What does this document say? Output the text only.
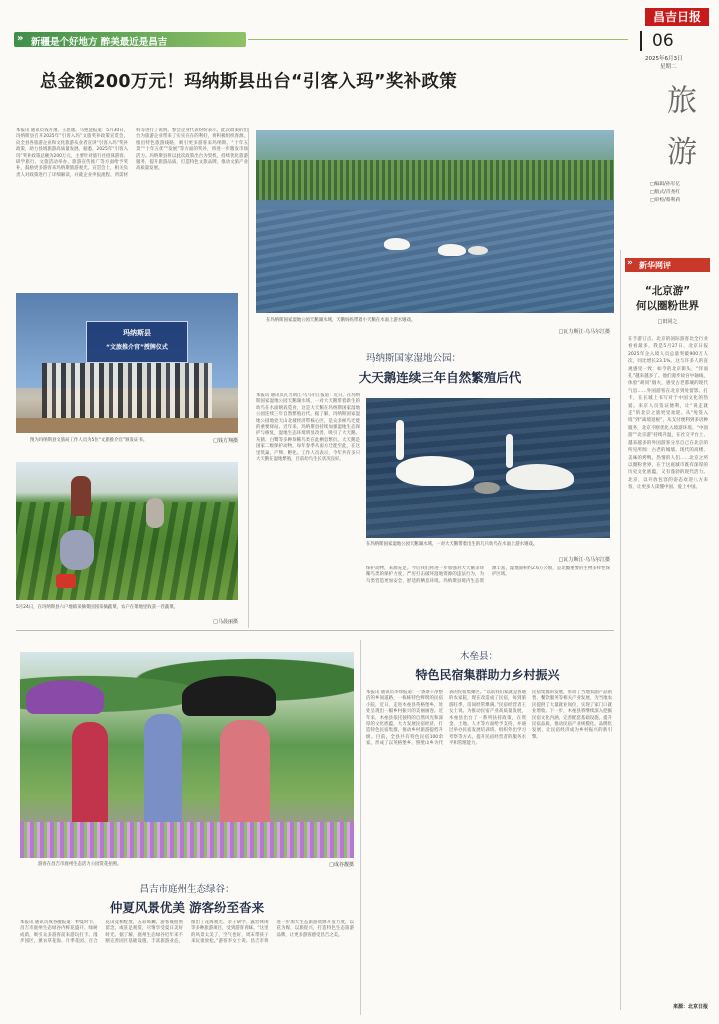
» 新疆是个好地方 醉美最近是昌吉
昌吉日报
06
2025年6月3日
星期二
旅 游
□编辑/孙军亿
□版式/肖尧红
□审校/蔡利莉
» 新华网评
“北京游”
何以圈粉世界
□田同之
在手游订点、北京的国际游客比全行业看看最多，我是5月27日，北京日报2025年企入境人员总量突破900万人次，同比增长23.1%。这与许多人的直观感受一致：如今的北京街头，“洋面孔”越来越多了。他们漫步故宫中轴线，体验“胡同”烟火，感受古老都城的现代气息……外国游客在北京到处留影、打卡，在长城上书写对于中国文化的热爱。来京人员签证便利，让“说走就走”的北京之旅更受欢迎。从“免签入境”到“离境退税”，从支付便利到多语种服务，北京不断优化入境游环境。“中国游”“北京游”持续升温，在社交平台上，越来越多的外国游客分享自己在北京的所见所闻：古老的城墙、现代的高楼、美味的烤鸭、热情的人们……北京之所以圈粉世界，在于这座城市既有深厚的历史文化底蕴，又有蓬勃的现代活力。北京，以开放包容的姿态欢迎八方来客，让更多人读懂中国、爱上中国。
来源：北京日报
总金额200万元！玛纳斯县出台“引客入玛”奖补政策
本报讯 通讯员钱方翔、王思逸、马艳慧报道：5月30日，玛纳斯县召开2025年“引客入玛”文旅奖补政策宣贯会，向全县各旅游企业和文化旅游从业者宣讲“引客入玛”奖补政策，助力县域旅游高质量发展。据悉，2025年“引客入玛”奖补政策总额为200万元，主要针对旅行社招徕游客、研学旅行、文旅活动举办、旅游宣传推广等方面给予奖补，鼓励更多游客来玛纳斯旅游观光。宣贯会上，相关负责人对政策进行了详细解读，并就企业申报流程、所需材料等进行了说明。参会企业代表纷纷表示，此次政策的出台为旅游企业带来了实实在在的利好，将积极组织客源，推出特色旅游线路，吸引更多游客来玛纳斯。“十年五景”“十年五优”“发展”等方面的奖补，将进一步激发市场活力。玛纳斯县将以此次政策出台为契机，持续优化旅游服务，提升旅游品质，打造特色文旅品牌，推动文旅产业高质量发展。
玛纳斯县
“文旅推介官”授牌仪式
图为玛纳斯县文旅局工作人员为5位“文旅推介官”颁发证书。	□钱方翔摄
5月24日，在玛纳斯县六户地镇采摘菜园园采摘蔬菜，农户在菜地里收获一茬蔬菜。
□马晨丽摄
在玛纳斯国家湿地公园天鹅湖水域，天鹅妈妈带着小天鹅在水面上游水嬉戏。
□瓦力斯江·乌马尔江摄
玛纳斯国家湿地公园：
大天鹅连续三年自然繁殖后代
本报讯 通讯员瓦力斯江·乌马尔江报道：近日，在玛纳斯国家湿地公园天鹅湖水域，一对大天鹅带着新生的幼鸟在水面嬉戏觅食，这是大天鹅在玛纳斯国家湿地公园连续三年自然繁殖后代。据了解，玛纳斯国家湿地公园地处天山北坡经济带核心区，是众多候鸟迁徙的重要驿站。近年来，玛纳斯县持续加强湿地生态保护与修复，湿地生态环境明显改善，吸引了大天鹅、灰鹤、白鹭等多种珍稀鸟类在此栖息繁衍。大天鹅是国家二级保护动物，每年春季从南方迁徙至此，在这里筑巢、产卵、孵化。工作人员表示，今年共有多只大天鹅在湿地繁殖，目前幼鸟生长状况良好。
在玛纳斯国家湿地公园天鹅湖水域，一对大天鹅带着出生的几只幼鸟在水面上游水嬉戏。
□瓦力斯江·乌马尔江摄
保护动物，来源充足。今后我们将进一步加强对大天鹅等珍稀鸟类的保护力度，严厉打击破坏湿地资源的违法行为，为鸟类营造更加安全、舒适的栖息环境。玛纳斯县境内生态资源丰富，湿地面积约2.6万公顷，是北疆重要的生物多样性保护区域。
木垒县：
特色民宿集群助力乡村振兴
本报讯 通讯员李珍报道：一条条干净整洁的乡间道路，一栋栋特色鲜明的民宿小院，近日，走进木垒县英格堡乡，处处呈现出一幅乡村振兴的美丽画卷。近年来，木垒县依托独特的自然风光和深厚的文化底蕴，大力发展民宿经济，打造特色民宿集群，推动乡村旅游提档升级。目前，全县共有特色民宿100余家，形成了以英格堡乡、照壁山乡为代表的民宿集聚区。“以前我们家就是普通的农家院，现在改造成了民宿，每到旅游旺季，房间经常爆满。”民宿经营者王女士说。为推动民宿产业高质量发展，木垒县出台了一系列扶持政策，在资金、土地、人才等方面给予支持，并通过举办民宿发展培训班、组织外出学习考察等方式，提升民宿经营者的服务水平和管理能力。
民宿集群的发展，带动了当地农副产品销售、餐饮服务等相关产业发展，为当地农民提供了大量就业岗位，实现了家门口就业增收。下一步，木垒县将继续深入挖掘民宿文化内涵，完善配套基础设施，提升民宿品质，推动民宿产业规模化、品牌化发展，让民宿经济成为乡村振兴的新引擎。
游客在昌吉市庭州生态活力公园赏花拍照。	□成谷靓摄
昌吉市庭州生态绿谷：
仲夏风景优美 游客纷至沓来
本报讯 通讯员成谷靓报道：仲夏时节，昌吉市庭州生态绿谷内鲜花盛开、绿树成荫，吸引众多游客前来游玩打卡。漫步园区，薰衣草花海、月季花园、百合花田竞相绽放，五彩斑斓，游客或拍照留念，或驻足观赏，尽情享受夏日美好时光。据了解，庭州生态绿谷近年来不断完善园区基础设施，丰富旅游业态，推出了花海观光、亲子研学、露营休闲等多种旅游项目，受到游客青睐。“这里的风景太美了，空气也好，周末带孩子来玩很放松。”游客李女士说。昌吉市将进一步加大生态旅游资源开发力度，以花为媒，以旅促兴，打造特色生态旅游品牌，让更多游客感受昌吉之美。
